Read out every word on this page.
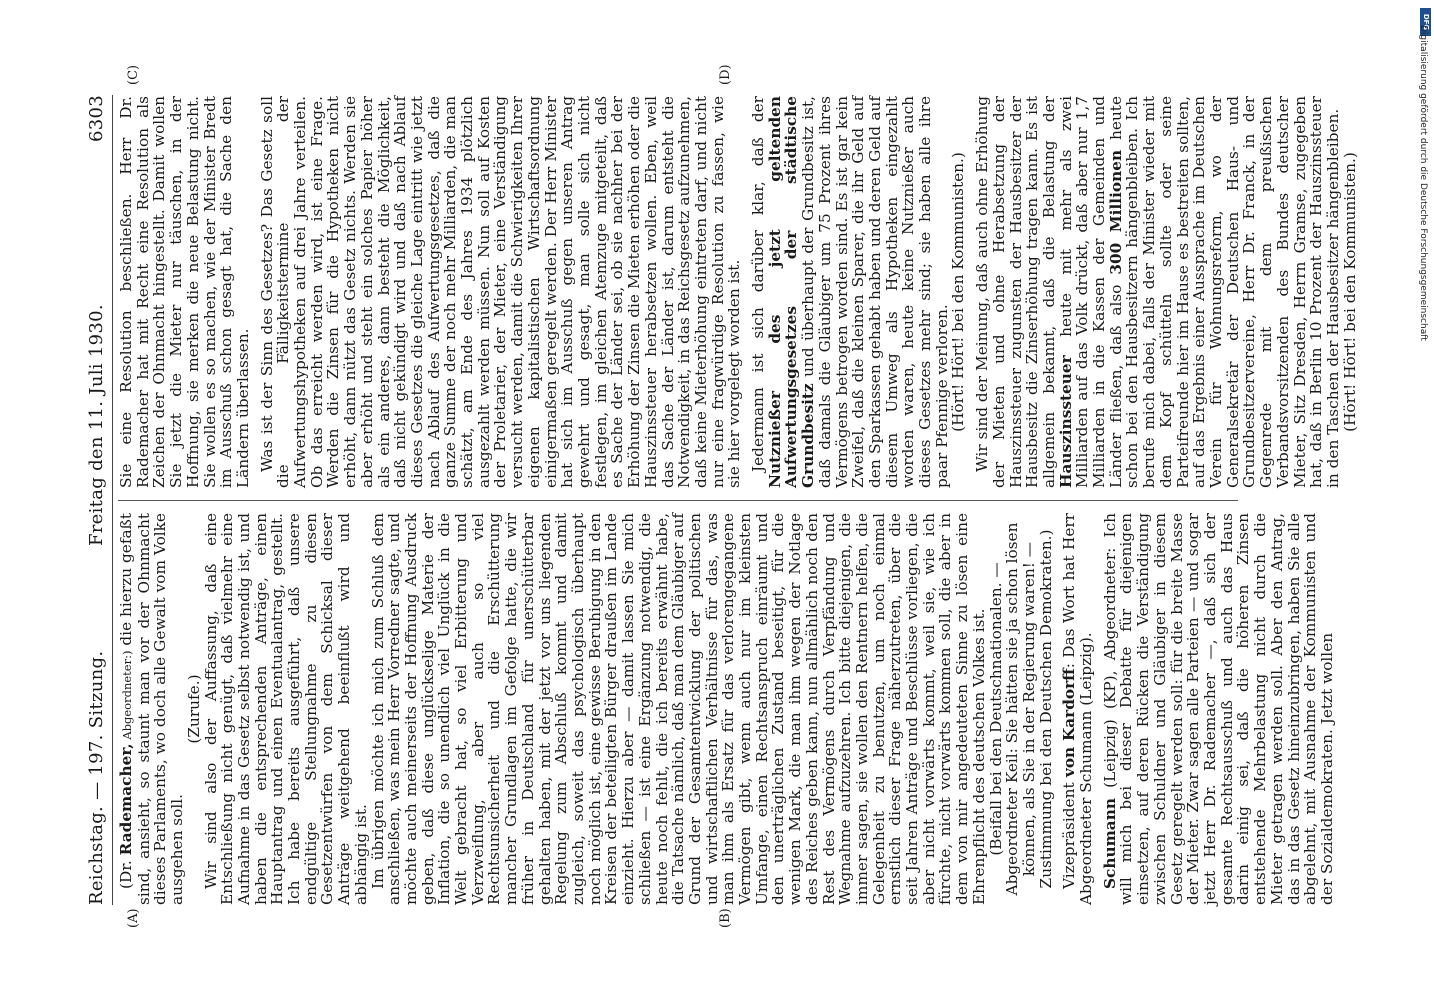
Reichstag. — 197. Sitzung.
Freitag den 11. Juli 1930.  6303
(A)	(B)
(C)	(D)

(Dr. Rademacher, Abgeordneter:) die hierzu gefaßt sind, ansieht, so staunt man vor der Ohnmacht dieses Parlaments, wo doch alle Gewalt vom Volke ausgehen soll.

(Zurufe.)

Wir sind also der Auffassung, daß eine Entschließung nicht genügt, daß vielmehr eine Aufnahme in das Gesetz selbst notwendig ist, und haben die entsprechenden Anträge, einen Hauptantrag und einen Eventualantrag, gestellt. Ich habe bereits ausgeführt, daß unsere endgültige Stellungnahme zu diesen Gesetzentwürfen von dem Schicksal dieser Anträge weitgehend beeinflußt wird und abhängig ist.

Im übrigen möchte ich mich zum Schluß dem anschließen, was mein Herr Vorredner sagte, und möchte auch meinerseits der Hoffnung Ausdruck geben, daß diese unglückselige Materie der Inflation, die so unendlich viel Unglück in die Welt gebracht hat, so viel Erbitterung und Verzweiflung, aber auch so viel Rechtsunsicherheit und die Erschütterung mancher Grundlagen im Gefolge hatte, die wir früher in Deutschland für unerschütterbar gehalten haben, mit der jetzt vor uns liegenden Regelung zum Abschluß kommt und damit zugleich, soweit das psychologisch überhaupt noch möglich ist, eine gewisse Beruhigung in den Kreisen der beteiligten Bürger draußen im Lande einzieht. Hierzu aber — damit lassen Sie mich schließen — ist eine Ergänzung notwendig, die heute noch fehlt, die ich bereits erwähnt habe, die Tatsache nämlich, daß man dem Gläubiger auf Grund der Gesamtentwicklung der politischen und wirtschaftlichen Verhältnisse für das, was man ihm als Ersatz für das verlorengegangene Vermögen gibt, wenn auch nur im kleinsten Umfange, einen Rechtsanspruch einräumt und den unerträglichen Zustand beseitigt, für die wenigen Mark, die man ihm wegen der Notlage des Reiches geben kann, nun allmählich noch den Rest des Vermögens durch Verpfändung und Wegnahme aufzuzehren. Ich bitte diejenigen, die immer sagen, sie wollen den Rentnern helfen, die Gelegenheit zu benutzen, um noch einmal ernstlich dieser Frage näherzutreten, über die seit Jahren Anträge und Beschlüsse vorliegen, die aber nicht vorwärts kommt, weil sie, wie ich fürchte, nicht vorwärts kommen soll, die aber in dem von mir angedeuteten Sinne zu lösen eine Ehrenpflicht des deutschen Volkes ist.

(Beifall bei den Deutschnationalen. — Abgeordneter Keil: Sie hätten sie ja schon lösen können, als Sie in der Regierung waren! — Zustimmung bei den Deutschen Demokraten.) Vizepräsident von Kardorff: Das Wort hat Herr Abgeordneter Schumann (Leipzig). Schumann (Leipzig) (KP), Abgeordneter: Ich will mich bei dieser Debatte für diejenigen einsetzen, auf deren Rücken die Verständigung zwischen Schuldner und Gläubiger in diesem Gesetz geregelt werden soll: für die breite Masse der Mieter. Zwar sagen alle Parteien — und sogar jetzt Herr Dr. Rademacher —, daß sich der gesamte Rechtsausschuß und auch das Haus darin einig sei, daß die höheren Zinsen entstehende Mehrbelastung nicht durch die Mieter getragen werden soll. Aber den Antrag, das in das Gesetz hineinzubringen, haben Sie alle abgelehnt, mit Ausnahme der Kommunisten und der Sozialdemokraten. Jetzt wollen

Sie eine Resolution beschließen. Herr Dr. Rademacher hat mit Recht eine Resolution als Zeichen der Ohnmacht hingestellt. Damit wollen Sie jetzt die Mieter nur täuschen, in der Hoffnung, sie merken die neue Belastung nicht. Sie wollen es so machen, wie der Minister Bredt im Ausschuß schon gesagt hat, die Sache den Ländern überlassen. Was ist der Sinn des Gesetzes? Das Gesetz soll die Fälligkeitstermine der Aufwertungshypotheken auf drei Jahre verteilen. Ob das erreicht werden wird, ist eine Frage. Werden die Zinsen für die Hypotheken nicht erhöht, dann nützt das Gesetz nichts. Werden sie aber erhöht und steht ein solches Papier höher als ein anderes, dann besteht die Möglichkeit, daß nicht gekündigt wird und daß nach Ablauf dieses Gesetzes die gleiche Lage eintritt wie jetzt nach Ablauf des Aufwertungsgesetzes, daß die ganze Summe der noch mehr Milliarden, die man schätzt, am Ende des Jahres 1934 plötzlich ausgezahlt werden müssen. Nun soll auf Kosten der Proletarier, der Mieter, eine Verständigung versucht werden, damit die Schwierigkeiten Ihrer eigenen kapitalistischen Wirtschaftsordnung einigermaßen geregelt werden. Der Herr Minister hat sich im Ausschuß gegen unseren Antrag gewehrt und gesagt, man solle sich nicht festlegen, im gleichen Atemzuge mitgeteilt, daß es Sache der Länder sei, ob sie nachher bei der Erhöhung der Zinsen die Mieten erhöhen oder die Hauszinssteuer herabsetzen wollen. Eben, weil das Sache der Länder ist, darum entsteht die Notwendigkeit, in das Reichsgesetz aufzunehmen, daß keine Mieterhöhung eintreten darf, und nicht nur eine fragwürdige Resolution zu fassen, wie sie hier vorgelegt worden ist. Jedermann ist sich darüber klar, daß der Nutznießer des jetzt geltenden Aufwertungsgesetzes der städtische Grundbesitz und überhaupt der Grundbesitz ist, daß damals die Gläubiger um 75 Prozent ihres Vermögens betrogen worden sind. Es ist gar kein Zweifel, daß die kleinen Sparer, die ihr Geld auf den Sparkassen gehabt haben und deren Geld auf diesem Umweg als Hypotheken eingezahlt worden waren, heute keine Nutznießer auch dieses Gesetzes mehr sind; sie haben alle ihre paar Pfennige verloren.

(Hört! Hört! bei den Kommunisten.) Wir sind der Meinung, daß auch ohne Erhöhung der Mieten und ohne Herabsetzung der Hauszinssteuer zugunsten der Hausbesitzer der Hausbesitz die Zinserhöhung tragen kann. Es ist allgemein bekannt, daß die Belastung der Hauszinssteuer heute mit mehr als zwei Milliarden auf das Volk drückt, daß aber nur 1,7 Milliarden in die Kassen der Gemeinden und Länder fließen, daß also 300 Millionen heute schon bei den Hausbesitzern hängenbleiben. Ich berufe mich dabei, falls der Minister wieder mit dem Kopf schütteln sollte oder seine Parteifreunde hier im Hause es bestreiten sollten, auf das Ergebnis einer Aussprache im Deutschen Verein für Wohnungsreform, wo der Generalsekretär der Deutschen Haus- und Grundbesitzervereine, Herr Dr. Franck, in der Gegenrede mit dem preußischen Verbandsvorsitzenden des Bundes deutscher Mieter, Sitz Dresden, Herrn Gramse, zugegeben hat, daß in Berlin 10 Prozent der Hauszinssteuer in den Taschen der Hausbesitzer hängenbleiben.

(Hört! Hört! bei den Kommunisten.)

DFG
Digitalisierung gefördert durch die Deutsche Forschungsgemeinschaft
